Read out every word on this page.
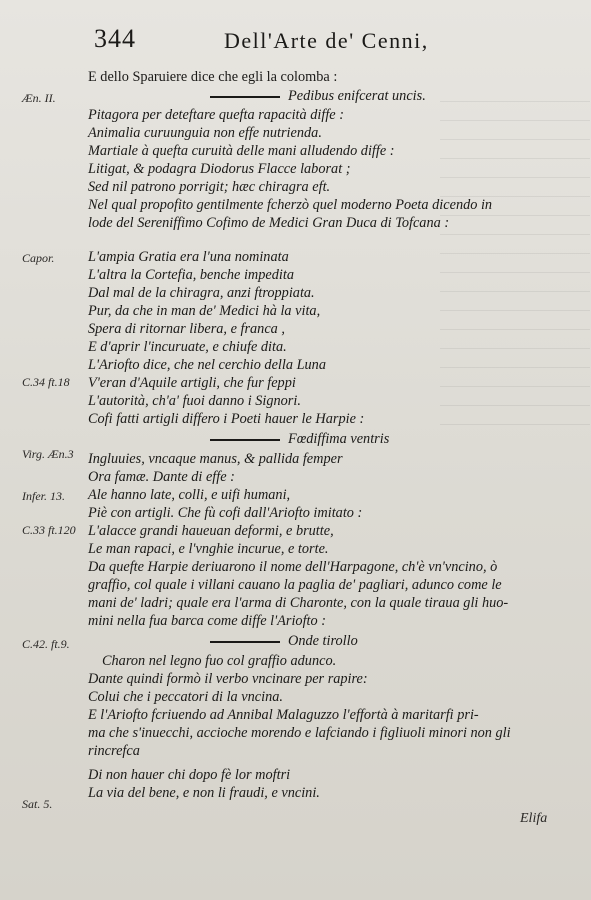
344	Dell'Arte de' Cenni,
E dello Sparuiere dice che egli la colomba :
Pedibus enifcerat uncis.
Pitagora per deteftare quefta rapacità diffe :
Animalia curuunguia non effe nutrienda.
Martiale à quefta curuità delle mani alludendo diffe :
Litigat, & podagra Diodorus Flacce laborat ;
Sed nil patrono porrigit; hæc chiragra eft.
Nel qual propofito gentilmente fcherzò quel moderno Poeta dicendo in
lode del Sereniffimo Cofimo de Medici Gran Duca di Tofcana :
L'ampia Gratia era l'una nominata
L'altra la Cortefia, benche impedita
Dal mal de la chiragra, anzi ftroppiata.
Pur, da che in man de' Medici hà la vita,
Spera di ritornar libera, e franca ,
E d'aprir l'incuruate, e chiufe dita.
L'Ariofto dice, che nel cerchio della Luna
V'eran d'Aquile artigli, che fur feppi
L'autorità, ch'a' fuoi danno i Signori.
Cofi fatti artigli differo i Poeti hauer le Harpie :
Fœdiffima ventris
Ingluuies, vncaque manus, & pallida femper
Ora famæ. Dante di effe :
Ale hanno late, colli, e uifi humani,
Piè con artigli. Che fù cofi dall'Ariofto imitato :
L'alacce grandi haueuan deformi, e brutte,
Le man rapaci, e l'vnghie incurue, e torte.
Da quefte Harpie deriuarono il nome dell'Harpagone, ch'è vn'vncino, ò
graffio, col quale i villani cauano la paglia de' pagliari, adunco come le
mani de' ladri; quale era l'arma di Charonte, con la quale tiraua gli huo-
mini nella fua barca come diffe l'Ariofto :
Onde tirollo
Charon nel legno fuo col graffio adunco.
Dante quindi formò il verbo vncinare per rapire:
Colui che i peccatori di la vncina.
E l'Ariofto fcriuendo ad Annibal Malaguzzo l'effortà à maritarfi pri-
ma che s'inuecchi, accioche morendo e lafciando i figliuoli minori non gli
rincrefca
Di non hauer chi dopo fè lor moftri
La via del bene, e non li fraudi, e vncini.
Æn. II.
Capor.
C.34 ft.18
Virg. Æn.3
Infer. 13.
C.33 ft.120
C.42. ft.9.
Sat. 5.
Elifa
